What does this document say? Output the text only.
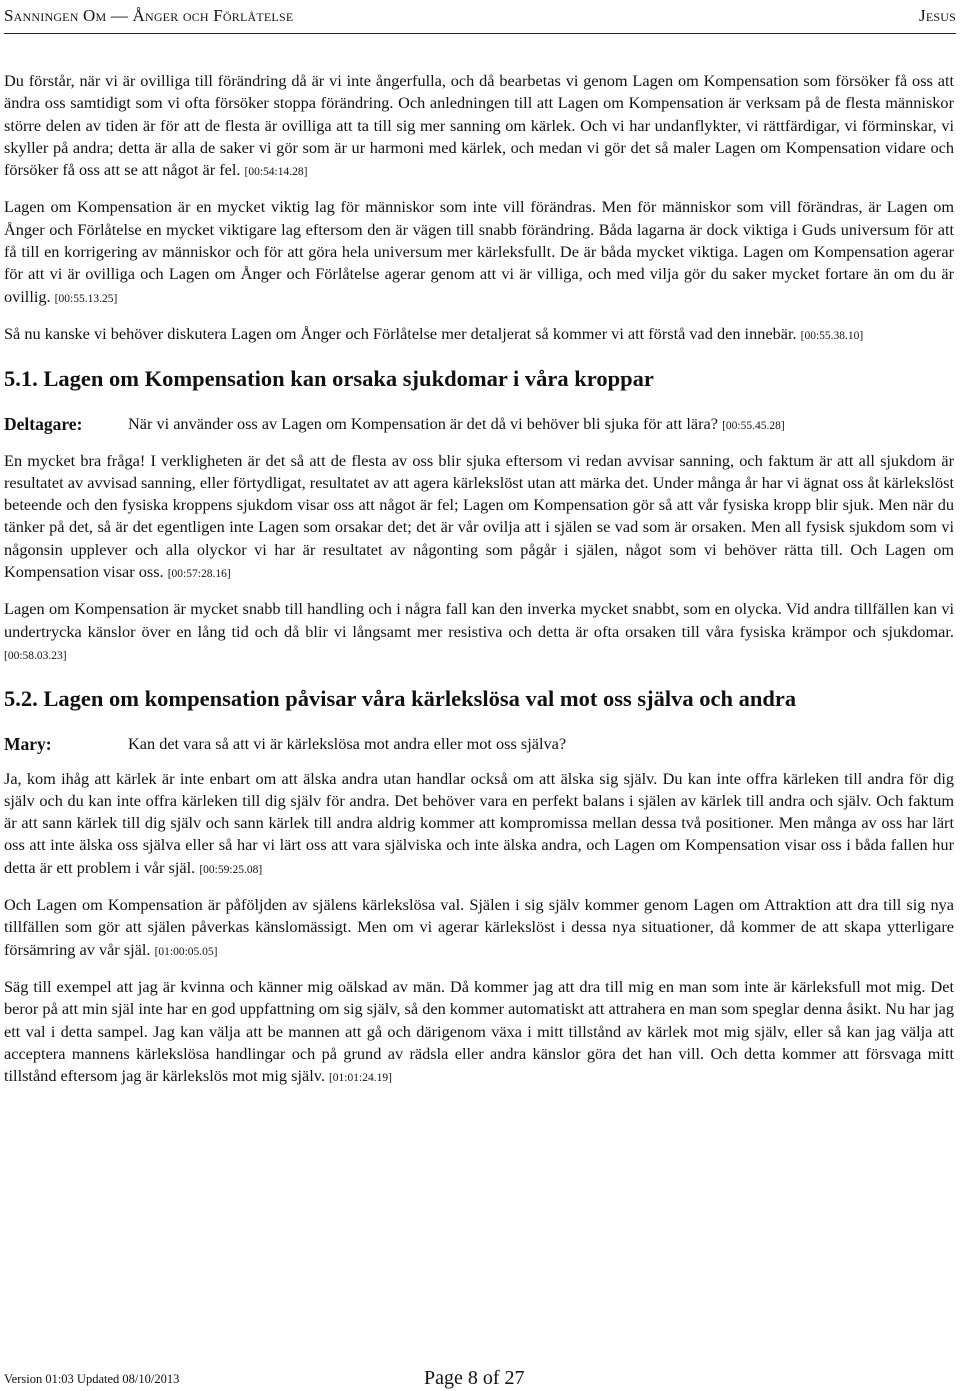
Sanningen Om — Ånger och Förlåtelse	Jesus

Du förstår, när vi är ovilliga till förändring då är vi inte ångerfulla, och då bearbetas vi genom Lagen om Kompensation som försöker få oss att ändra oss samtidigt som vi ofta försöker stoppa förändring. Och anledningen till att Lagen om Kompensation är verksam på de flesta människor större delen av tiden är för att de flesta är ovilliga att ta till sig mer sanning om kärlek. Och vi har undanflykter, vi rättfärdigar, vi förminskar, vi skyller på andra; detta är alla de saker vi gör som är ur harmoni med kärlek, och medan vi gör det så maler Lagen om Kompensation vidare och försöker få oss att se att något är fel. [00:54:14.28]

Lagen om Kompensation är en mycket viktig lag för människor som inte vill förändras. Men för människor som vill förändras, är Lagen om Ånger och Förlåtelse en mycket viktigare lag eftersom den är vägen till snabb förändring. Båda lagarna är dock viktiga i Guds universum för att få till en korrigering av människor och för att göra hela universum mer kärleksfullt. De är båda mycket viktiga. Lagen om Kompensation agerar för att vi är ovilliga och Lagen om Ånger och Förlåtelse agerar genom att vi är villiga, och med vilja gör du saker mycket fortare än om du är ovillig. [00:55.13.25]

Så nu kanske vi behöver diskutera Lagen om Ånger och Förlåtelse mer detaljerat så kommer vi att förstå vad den innebär. [00:55.38.10]

5.1. Lagen om Kompensation kan orsaka sjukdomar i våra kroppar
Deltagare:	När vi använder oss av Lagen om Kompensation är det då vi behöver bli sjuka för att lära? [00:55.45.28]

En mycket bra fråga! I verkligheten är det så att de flesta av oss blir sjuka eftersom vi redan avvisar sanning, och faktum är att all sjukdom är resultatet av avvisad sanning, eller förtydligat, resultatet av att agera kärlekslöst utan att märka det. Under många år har vi ägnat oss åt kärlekslöst beteende och den fysiska kroppens sjukdom visar oss att något är fel; Lagen om Kompensation gör så att vår fysiska kropp blir sjuk. Men när du tänker på det, så är det egentligen inte Lagen som orsakar det; det är vår ovilja att i själen se vad som är orsaken. Men all fysisk sjukdom som vi någonsin upplever och alla olyckor vi har är resultatet av någonting som pågår i själen, något som vi behöver rätta till. Och Lagen om Kompensation visar oss. [00:57:28.16]

Lagen om Kompensation är mycket snabb till handling och i några fall kan den inverka mycket snabbt, som en olycka. Vid andra tillfällen kan vi undertrycka känslor över en lång tid och då blir vi långsamt mer resistiva och detta är ofta orsaken till våra fysiska krämpor och sjukdomar. [00:58.03.23]

5.2. Lagen om kompensation påvisar våra kärlekslösa val mot oss själva och andra
Mary:	Kan det vara så att vi är kärlekslösa mot andra eller mot oss själva?

Ja, kom ihåg att kärlek är inte enbart om att älska andra utan handlar också om att älska sig själv. Du kan inte offra kärleken till andra för dig själv och du kan inte offra kärleken till dig själv för andra. Det behöver vara en perfekt balans i själen av kärlek till andra och själv. Och faktum är att sann kärlek till dig själv och sann kärlek till andra aldrig kommer att kompromissa mellan dessa två positioner. Men många av oss har lärt oss att inte älska oss själva eller så har vi lärt oss att vara själviska och inte älska andra, och Lagen om Kompensation visar oss i båda fallen hur detta är ett problem i vår själ. [00:59:25.08]

Och Lagen om Kompensation är påföljden av själens kärlekslösa val. Själen i sig själv kommer genom Lagen om Attraktion att dra till sig nya tillfällen som gör att själen påverkas känslomässigt. Men om vi agerar kärlekslöst i dessa nya situationer, då kommer de att skapa ytterligare försämring av vår själ. [01:00:05.05]

Säg till exempel att jag är kvinna och känner mig oälskad av män. Då kommer jag att dra till mig en man som inte är kärleksfull mot mig. Det beror på att min själ inte har en god uppfattning om sig själv, så den kommer automatiskt att attrahera en man som speglar denna åsikt. Nu har jag ett val i detta sampel. Jag kan välja att be mannen att gå och därigenom växa i mitt tillstånd av kärlek mot mig själv, eller så kan jag välja att acceptera mannens kärlekslösa handlingar och på grund av rädsla eller andra känslor göra det han vill. Och detta kommer att försvaga mitt tillstånd eftersom jag är kärlekslös mot mig själv. [01:01:24.19]

Version 01:03 Updated 08/10/2013	Page 8 of 27
